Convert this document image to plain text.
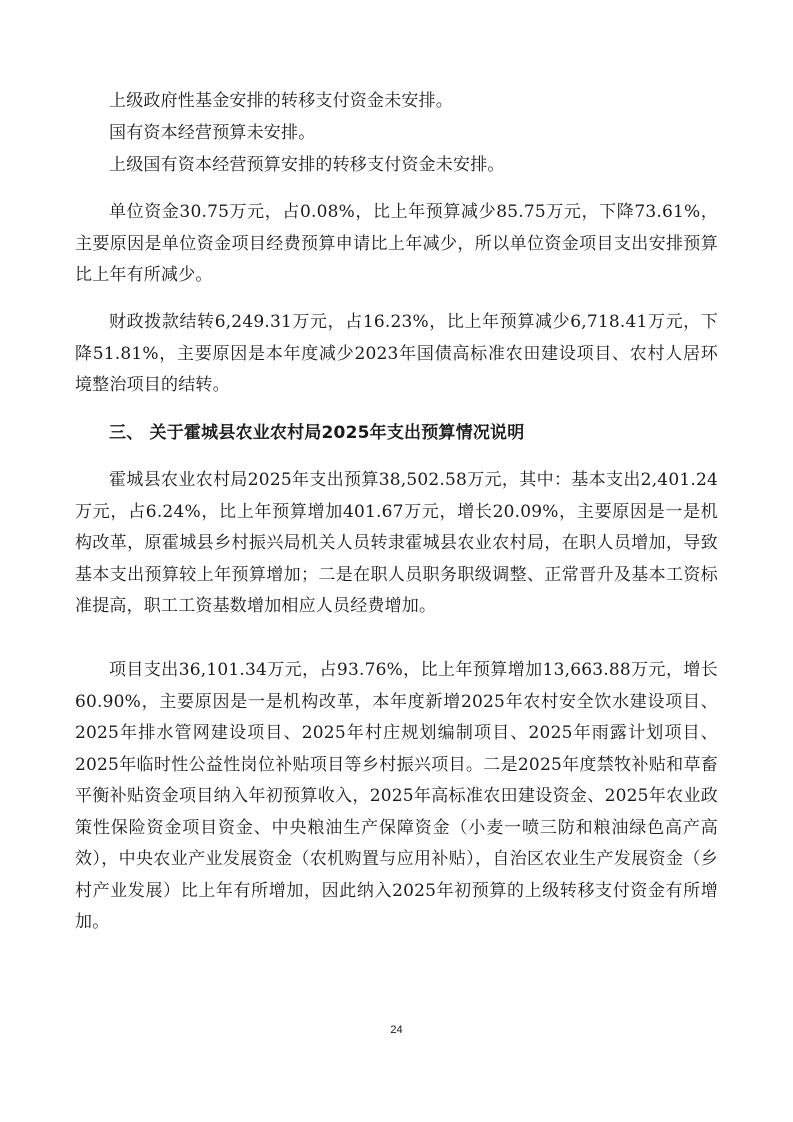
上级政府性基金安排的转移支付资金未安排。

国有资本经营预算未安排。

上级国有资本经营预算安排的转移支付资金未安排。

单位资金30.75万元，占0.08%，比上年预算减少85.75万元，下降73.61%，主要原因是单位资金项目经费预算申请比上年减少，所以单位资金项目支出安排预算比上年有所减少。

财政拨款结转6,249.31万元，占16.23%，比上年预算减少6,718.41万元，下降51.81%，主要原因是本年度减少2023年国债高标准农田建设项目、农村人居环境整治项目的结转。

三、 关于霍城县农业农村局2025年支出预算情况说明

霍城县农业农村局2025年支出预算38,502.58万元，其中：基本支出2,401.24万元，占6.24%，比上年预算增加401.67万元，增长20.09%，主要原因是一是机构改革，原霍城县乡村振兴局机关人员转隶霍城县农业农村局，在职人员增加，导致基本支出预算较上年预算增加；二是在职人员职务职级调整、正常晋升及基本工资标准提高，职工工资基数增加相应人员经费增加。

项目支出36,101.34万元，占93.76%，比上年预算增加13,663.88万元，增长60.90%，主要原因是一是机构改革，本年度新增2025年农村安全饮水建设项目、2025年排水管网建设项目、2025年村庄规划编制项目、2025年雨露计划项目、2025年临时性公益性岗位补贴项目等乡村振兴项目。二是2025年度禁牧补贴和草畜平衡补贴资金项目纳入年初预算收入，2025年高标准农田建设资金、2025年农业政策性保险资金项目资金、中央粮油生产保障资金（小麦一喷三防和粮油绿色高产高效），中央农业产业发展资金（农机购置与应用补贴），自治区农业生产发展资金（乡村产业发展）比上年有所增加，因此纳入2025年初预算的上级转移支付资金有所增加。

24
